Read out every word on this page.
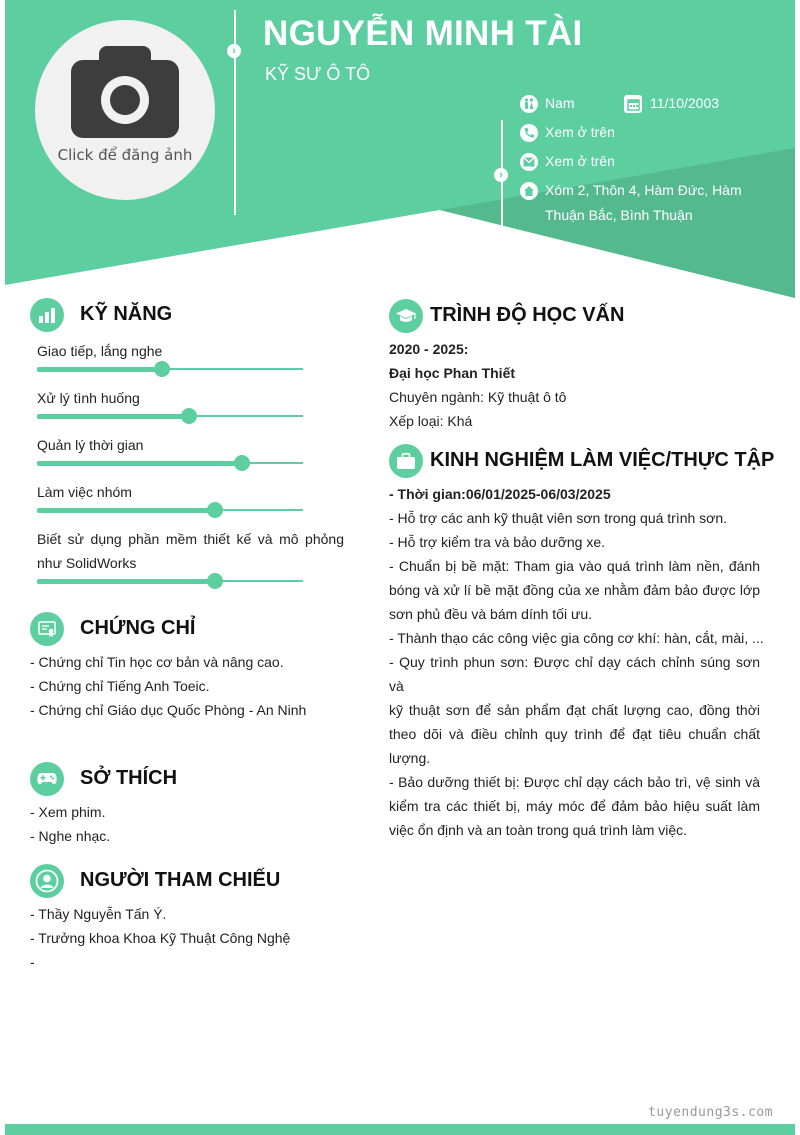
Click để đăng ảnh
›
›
NGUYỄN MINH TÀI
KỸ SƯ Ô TÔ
Nam	11/10/2003
Xem ở trên
Xem ở trên
Xóm 2, Thôn 4, Hàm Đức, Hàm
Thuận Bắc, Bình Thuận
KỸ NĂNG
Giao tiếp, lắng nghe
Xử lý tình huống
Quản lý thời gian
Làm việc nhóm
Biết sử dụng phần mềm thiết kế và mô phỏng như SolidWorks
CHỨNG CHỈ
- Chứng chỉ Tin học cơ bản và nâng cao.
- Chứng chỉ Tiếng Anh Toeic.
- Chứng chỉ Giáo dục Quốc Phòng - An Ninh
SỞ THÍCH
- Xem phim.
- Nghe nhạc.
NGƯỜI THAM CHIẾU
- Thầy Nguyễn Tấn Ý.
- Trưởng khoa Khoa Kỹ Thuật Công Nghệ
-
TRÌNH ĐỘ HỌC VẤN
2020 - 2025:
Đại học Phan Thiết
Chuyên ngành: Kỹ thuật ô tô
Xếp loại: Khá
KINH NGHIỆM LÀM VIỆC/THỰC TẬP
- Thời gian:06/01/2025-06/03/2025
- Hỗ trợ các anh kỹ thuật viên sơn trong quá trình sơn.
- Hỗ trợ kiểm tra và bảo dưỡng xe.
- Chuẩn bị bề mặt: Tham gia vào quá trình làm nền, đánh
bóng và xử lí bề mặt đồng của xe nhằm đảm bảo được lớp
sơn phủ đều và bám dính tối ưu.
- Thành thạo các công việc gia công cơ khí: hàn, cắt, mài, ...
- Quy trình phun sơn: Được chỉ dạy cách chỉnh súng sơn và
kỹ thuật sơn để sản phẩm đạt chất lượng cao, đồng thời
theo dõi và điều chỉnh quy trình để đạt tiêu chuẩn chất
lượng.
- Bảo dưỡng thiết bị: Được chỉ dạy cách bảo trì, vệ sinh và
kiểm tra các thiết bị, máy móc để đảm bảo hiệu suất làm
việc ổn định và an toàn trong quá trình làm việc.
tuyendung3s.com
